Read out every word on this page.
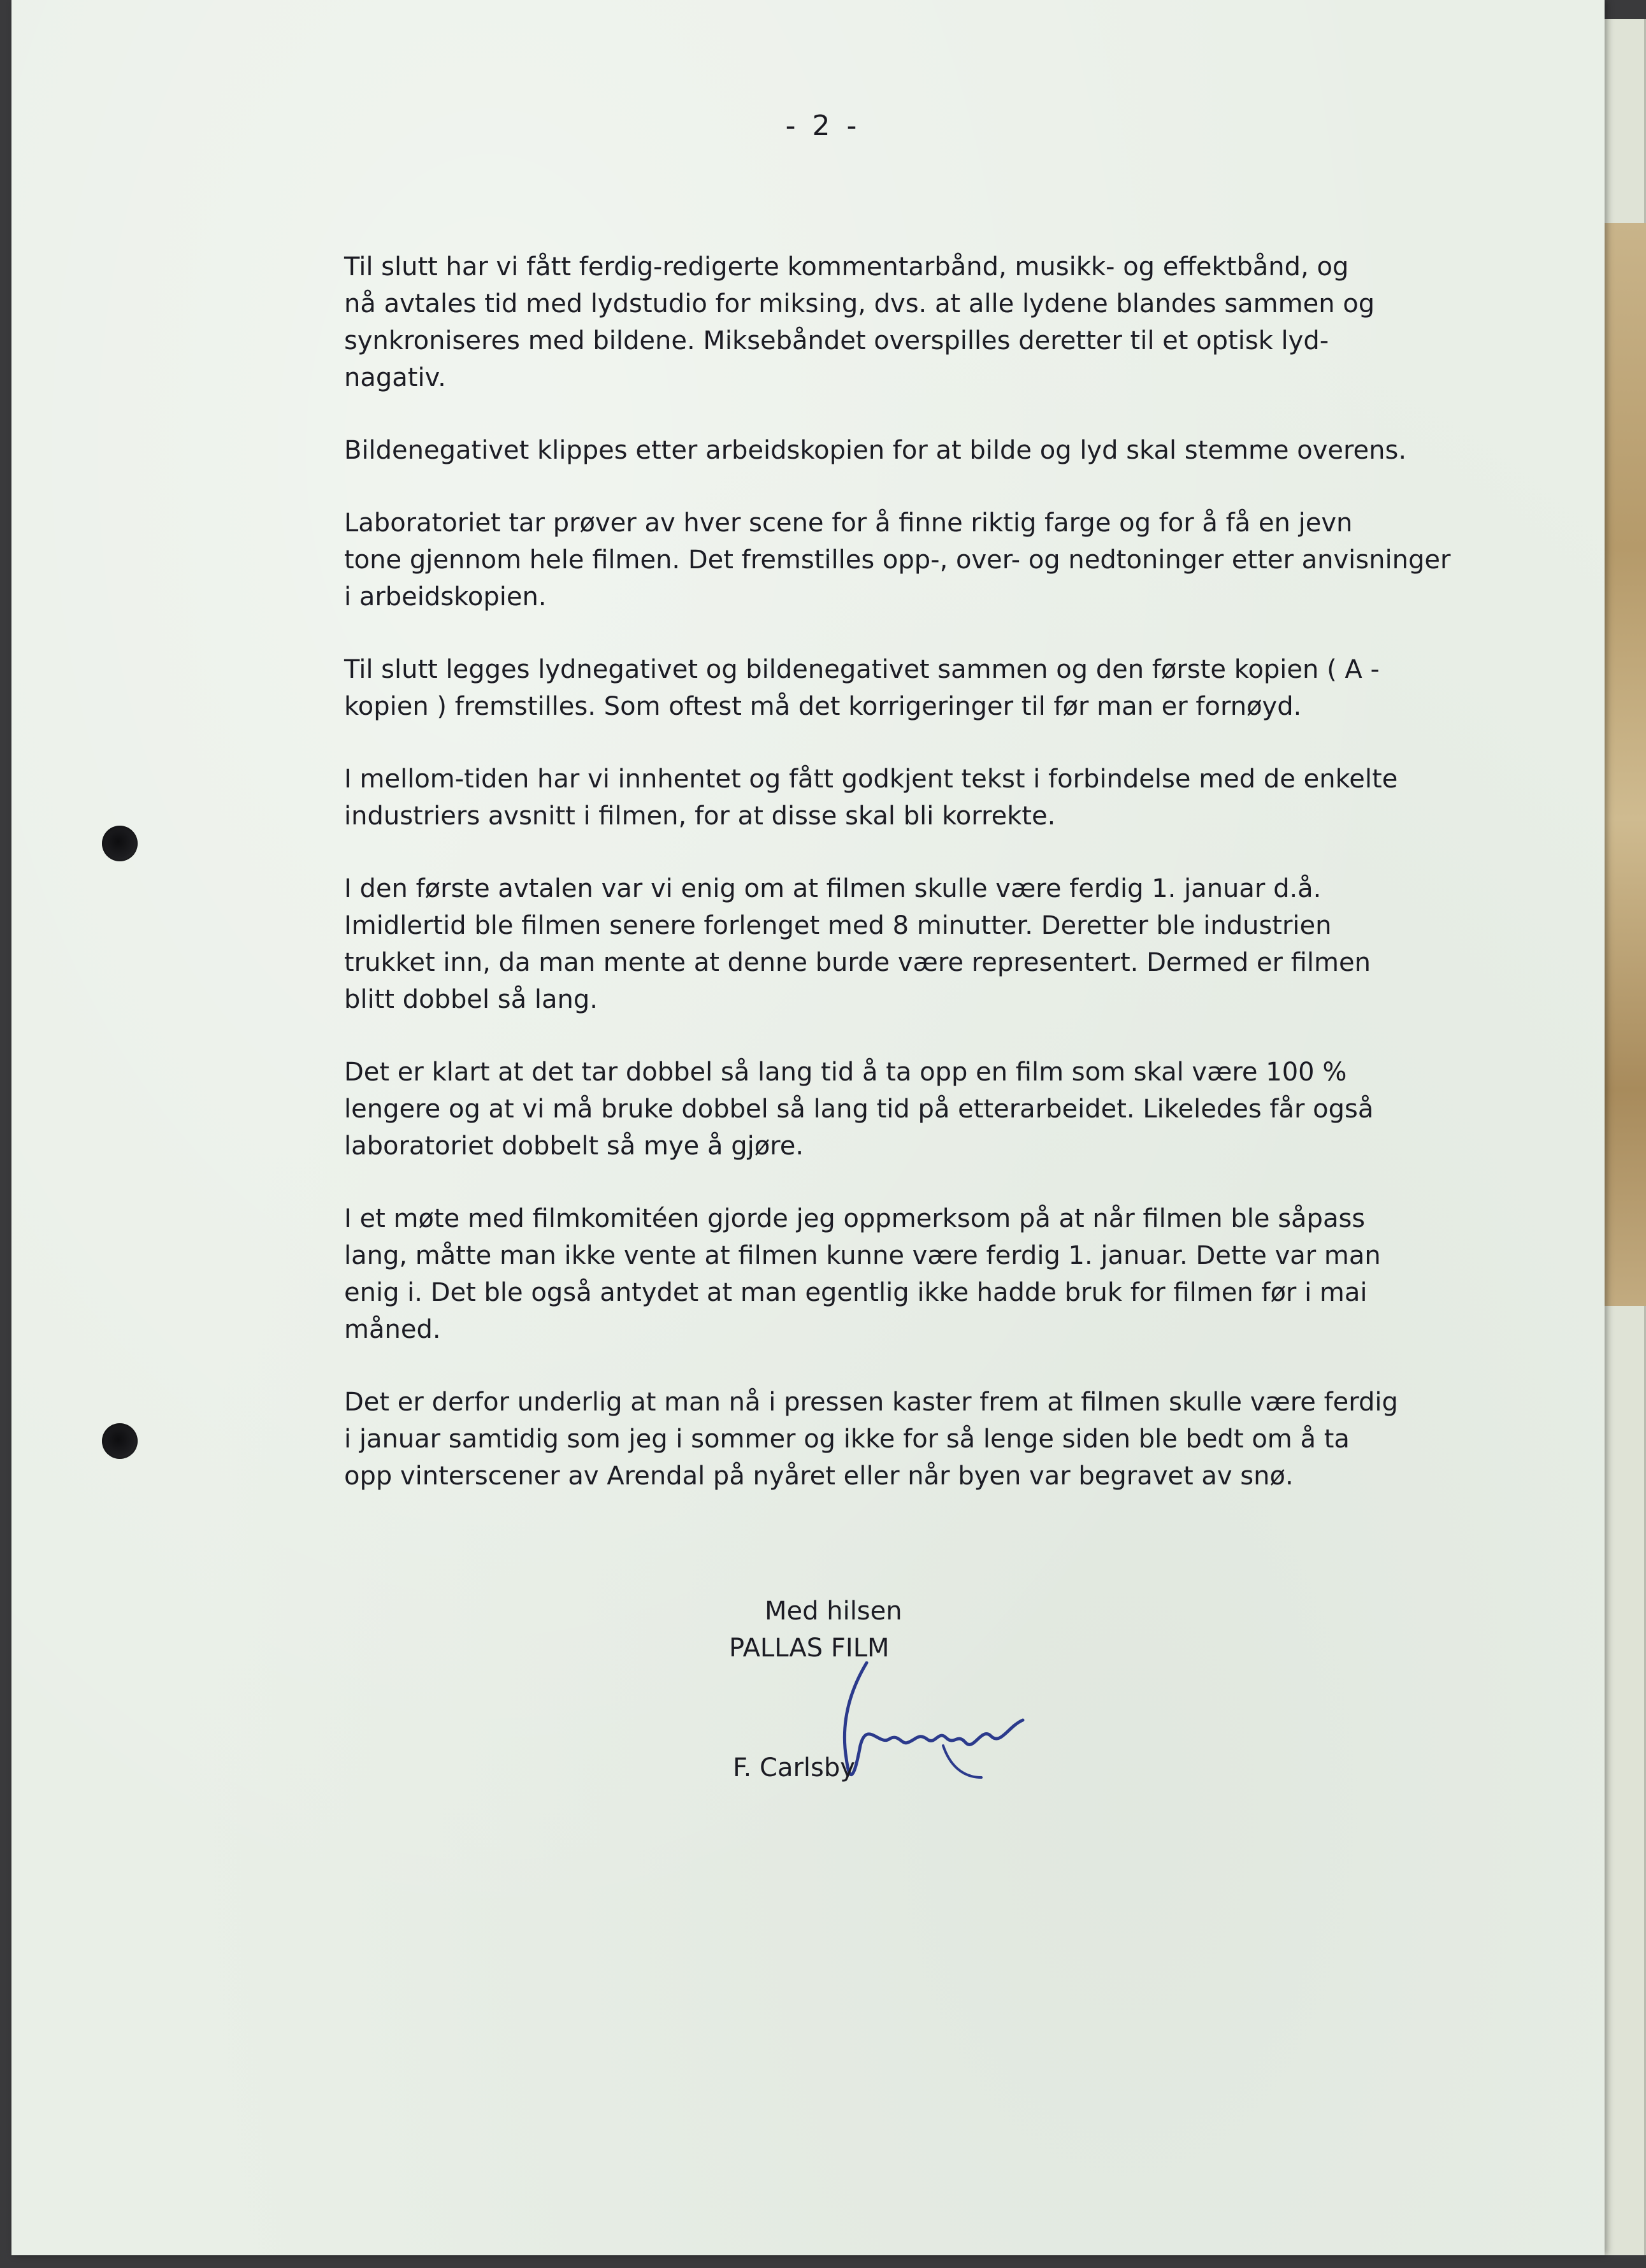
- 2 -
Til slutt har vi fått ferdig-redigerte kommentarbånd, musikk- og effektbånd, og
nå avtales tid med lydstudio for miksing, dvs. at alle lydene blandes sammen og
synkroniseres med bildene. Miksebåndet overspilles deretter til et optisk lyd-
nagativ.
Bildenegativet klippes etter arbeidskopien for at bilde og lyd skal stemme overens.
Laboratoriet tar prøver av hver scene for å finne riktig farge og for å få en jevn
tone gjennom hele filmen. Det fremstilles opp-, over- og nedtoninger etter anvisninger
i arbeidskopien.
Til slutt legges lydnegativet og bildenegativet sammen og den første kopien ( A -
kopien ) fremstilles. Som oftest må det korrigeringer til før man er fornøyd.
I mellom-tiden har vi innhentet og fått godkjent tekst i forbindelse med de enkelte
industriers avsnitt i filmen, for at disse skal bli korrekte.
I den første avtalen var vi enig om at filmen skulle være ferdig 1. januar d.å.
Imidlertid ble filmen senere forlenget med 8 minutter. Deretter ble industrien
trukket inn, da man mente at denne burde være representert. Dermed er filmen
blitt dobbel så lang.
Det er klart at det tar dobbel så lang tid å ta opp en film som skal være 100 %
lengere og at vi må bruke dobbel så lang tid på etterarbeidet. Likeledes får også
laboratoriet dobbelt så mye å gjøre.
I et møte med filmkomitéen gjorde jeg oppmerksom på at når filmen ble såpass
lang, måtte man ikke vente at filmen kunne være ferdig 1. januar. Dette var man
enig i. Det ble også antydet at man egentlig ikke hadde bruk for filmen før i mai
måned.
Det er derfor underlig at man nå i pressen kaster frem at filmen skulle være ferdig
i januar samtidig som jeg i sommer og ikke for så lenge siden ble bedt om å ta
opp vinterscener av Arendal på nyåret eller når byen var begravet av snø.
Med hilsen
PALLAS FILM
F. Carlsby
